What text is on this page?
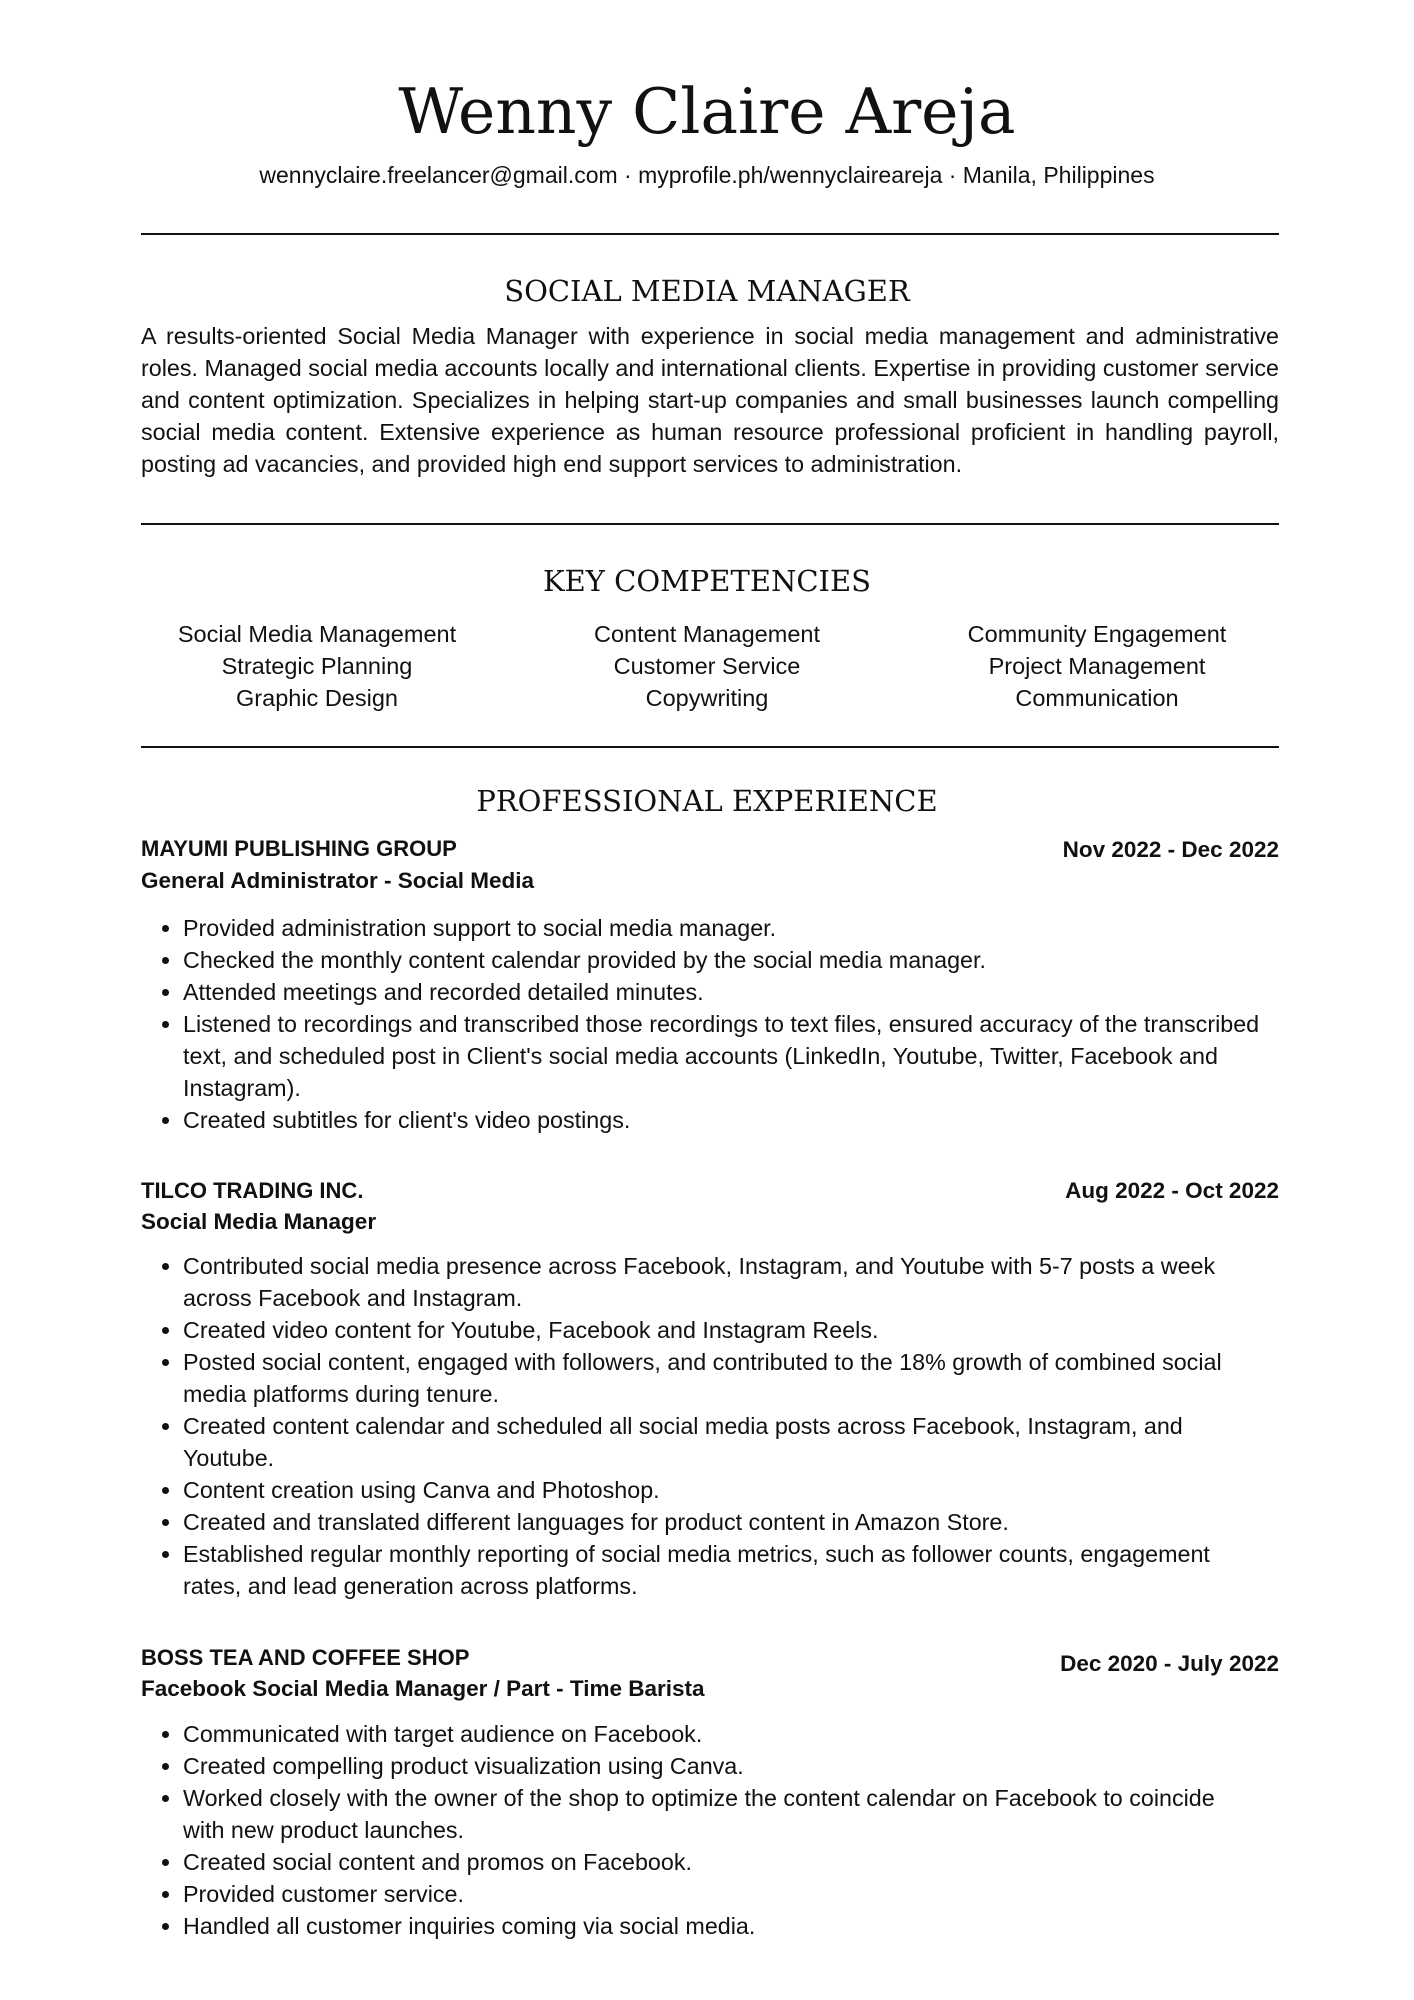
Wenny Claire Areja
wennyclaire.freelancer@gmail.com · myprofile.ph/wennyclaireareja · Manila, Philippines
SOCIAL MEDIA MANAGER
A results-oriented Social Media Manager with experience in social media management and administrative roles. Managed social media accounts locally and international clients. Expertise in providing customer service and content optimization. Specializes in helping start-up companies and small businesses launch compelling social media content. Extensive experience as human resource professional proficient in handling payroll, posting ad vacancies, and provided high end support services to administration.
KEY COMPETENCIES
Social Media Management
Strategic Planning
Graphic Design
Content Management
Customer Service
Copywriting
Community Engagement
Project Management
Communication
PROFESSIONAL EXPERIENCE
MAYUMI PUBLISHING GROUP	Nov 2022 - Dec 2022
General Administrator - Social Media
• Provided administration support to social media manager.
• Checked the monthly content calendar provided by the social media manager.
• Attended meetings and recorded detailed minutes.
• Listened to recordings and transcribed those recordings to text files, ensured accuracy of the transcribed text, and scheduled post in Client's social media accounts (LinkedIn, Youtube, Twitter, Facebook and Instagram).
• Created subtitles for client's video postings.
TILCO TRADING INC.	Aug 2022 - Oct 2022
Social Media Manager
• Contributed social media presence across Facebook, Instagram, and Youtube with 5-7 posts a week across Facebook and Instagram.
• Created video content for Youtube, Facebook and Instagram Reels.
• Posted social content, engaged with followers, and contributed to the 18% growth of combined social media platforms during tenure.
• Created content calendar and scheduled all social media posts across Facebook, Instagram, and Youtube.
• Content creation using Canva and Photoshop.
• Created and translated different languages for product content in Amazon Store.
• Established regular monthly reporting of social media metrics, such as follower counts, engagement rates, and lead generation across platforms.
BOSS TEA AND COFFEE SHOP	Dec 2020 - July 2022
Facebook Social Media Manager / Part - Time Barista
• Communicated with target audience on Facebook.
• Created compelling product visualization using Canva.
• Worked closely with the owner of the shop to optimize the content calendar on Facebook to coincide with new product launches.
• Created social content and promos on Facebook.
• Provided customer service.
• Handled all customer inquiries coming via social media.
